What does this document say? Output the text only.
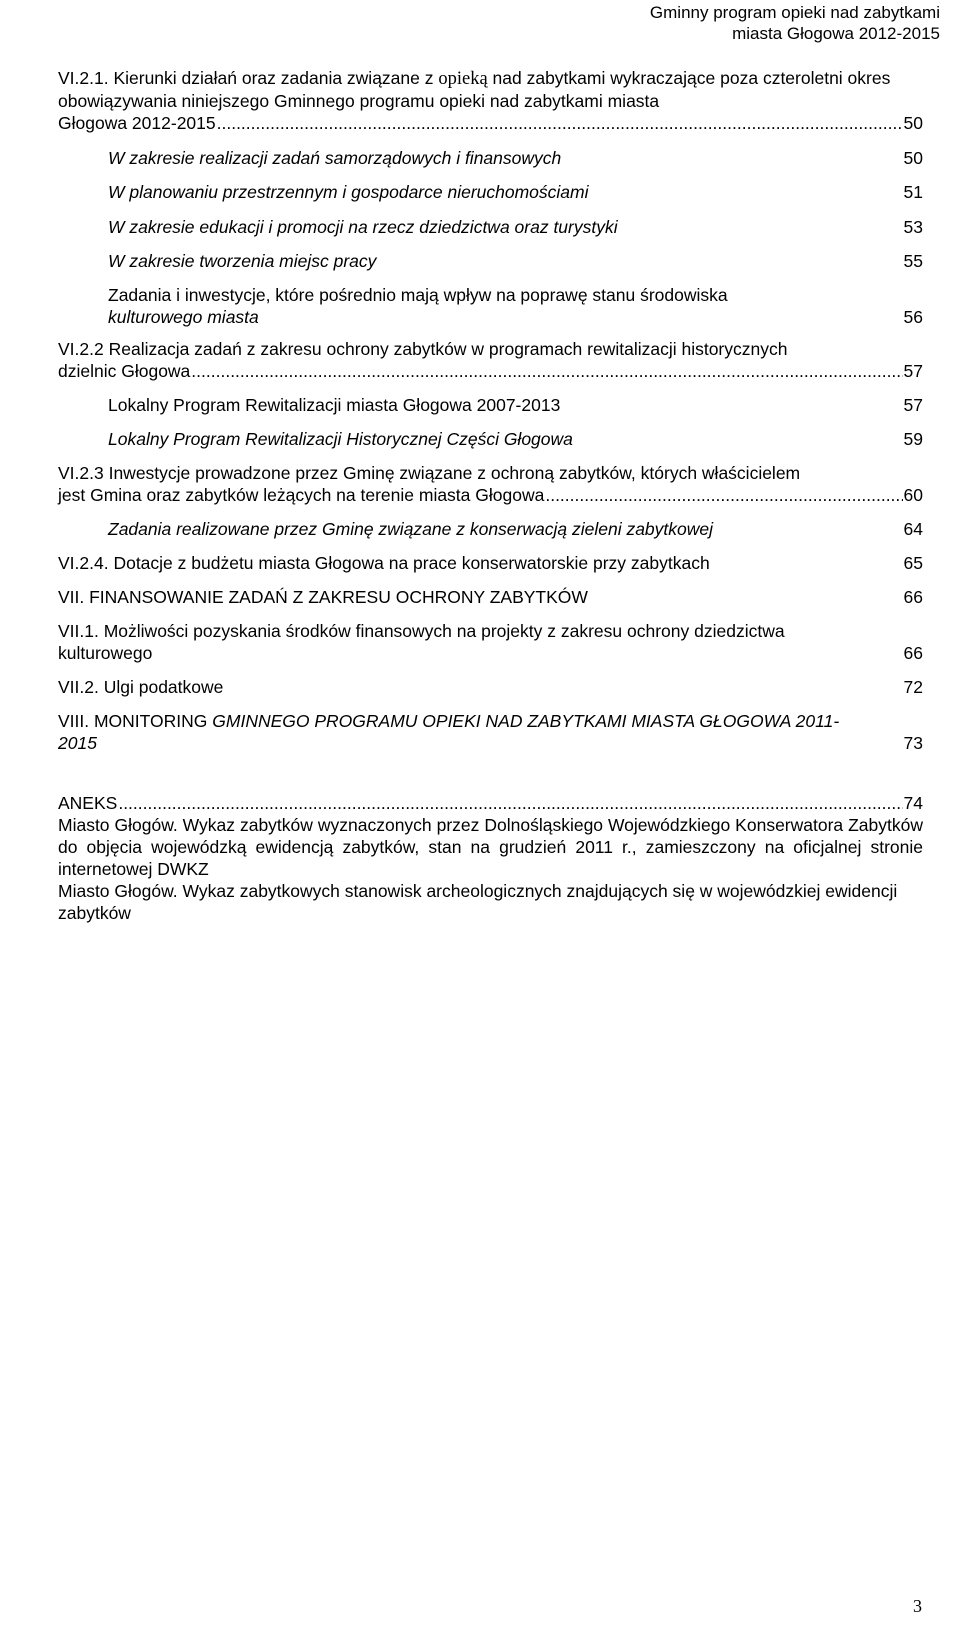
Gminny program opieki nad zabytkami
miasta Głogowa 2012-2015
VI.2.1. Kierunki działań oraz zadania związane z opieką nad zabytkami wykraczające poza czteroletni okres obowiązywania niniejszego Gminnego programu opieki nad zabytkami miasta
Głogowa 2012-2015 .....	50
W zakresie realizacji zadań samorządowych i finansowych	50
W planowaniu przestrzennym i gospodarce nieruchomościami	51
W zakresie edukacji i promocji na rzecz dziedzictwa oraz turystyki	53
W zakresie tworzenia miejsc pracy	55
Zadania i inwestycje, które pośrednio mają wpływ na poprawę stanu środowiska
kulturowego miasta	56
VI.2.2 Realizacja zadań z zakresu ochrony zabytków w programach rewitalizacji historycznych
dzielnic Głogowa .....	57
Lokalny Program Rewitalizacji miasta Głogowa 2007-2013	57
Lokalny Program Rewitalizacji Historycznej Części Głogowa	59
VI.2.3 Inwestycje prowadzone przez Gminę związane z ochroną zabytków, których właścicielem
jest Gmina oraz zabytków leżących na terenie miasta Głogowa .....	60
Zadania realizowane przez Gminę związane z konserwacją zieleni zabytkowej	64
VI.2.4. Dotacje z budżetu miasta Głogowa na prace konserwatorskie przy zabytkach	65
VII. FINANSOWANIE ZADAŃ Z ZAKRESU OCHRONY ZABYTKÓW	66
VII.1. Możliwości pozyskania środków finansowych na projekty z zakresu ochrony dziedzictwa
kulturowego	66
VII.2. Ulgi podatkowe	72
VIII. MONITORING GMINNEGO PROGRAMU OPIEKI NAD ZABYTKAMI MIASTA GŁOGOWA 2011-
2015	73
ANEKS .....	74
Miasto Głogów. Wykaz zabytków wyznaczonych przez Dolnośląskiego Wojewódzkiego Konserwatora Zabytków do objęcia wojewódzką ewidencją zabytków, stan na grudzień 2011 r., zamieszczony na oficjalnej stronie internetowej DWKZ
Miasto Głogów. Wykaz zabytkowych stanowisk archeologicznych znajdujących się w wojewódzkiej ewidencji zabytków
3
